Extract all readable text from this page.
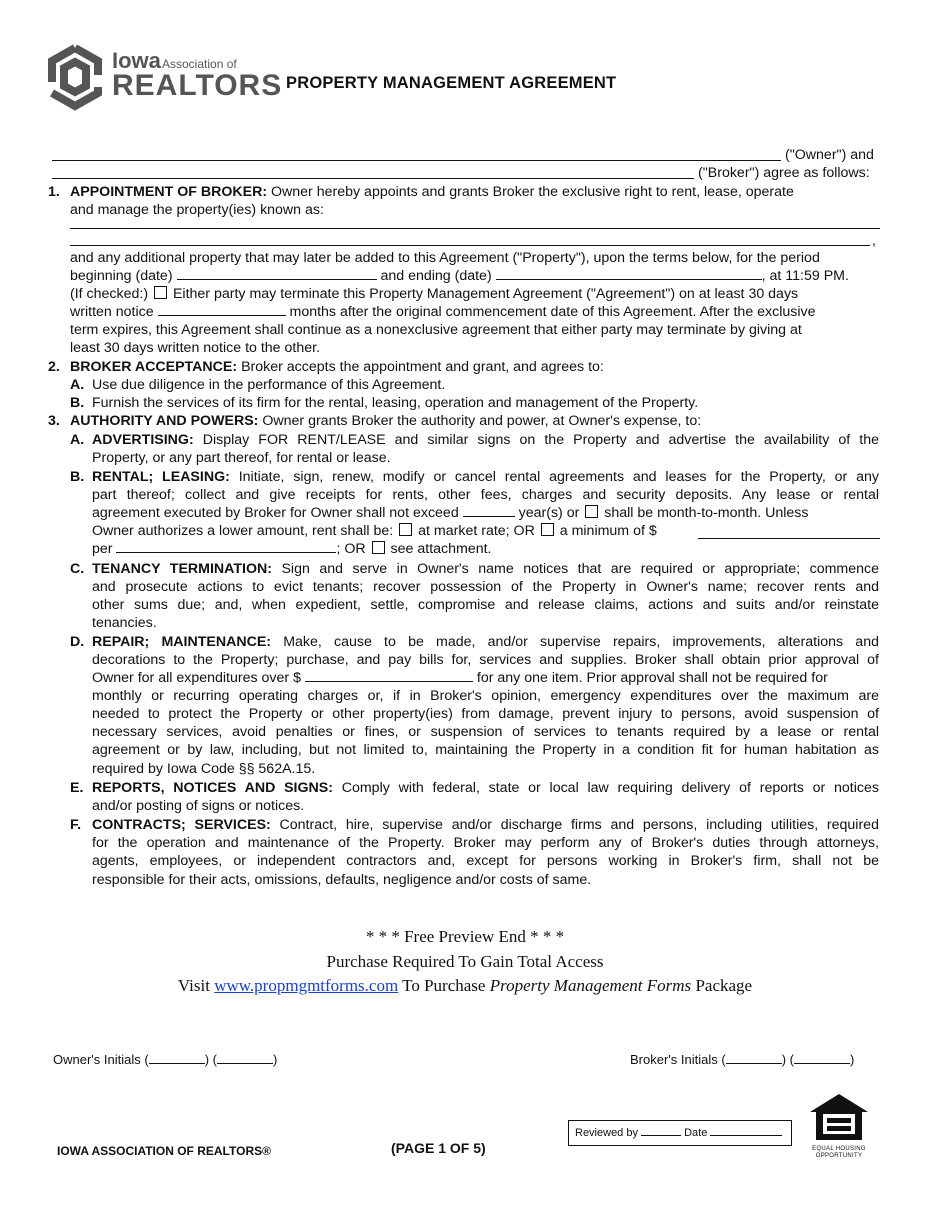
Iowa Association of
REALTORS PROPERTY MANAGEMENT AGREEMENT
("Owner") and
("Broker") agree as follows:
1. APPOINTMENT OF BROKER: Owner hereby appoints and grants Broker the exclusive right to rent, lease, operate
and manage the property(ies) known as:
,
and any additional property that may later be added to this Agreement ("Property"), upon the terms below, for the period
beginning (date)	and ending (date)	, at 11:59 PM.
(If checked:) Either party may terminate this Property Management Agreement ("Agreement") on at least 30 days
written notice	months after the original commencement date of this Agreement. After the exclusive
term expires, this Agreement shall continue as a nonexclusive agreement that either party may terminate by giving at
least 30 days written notice to the other.
2. BROKER ACCEPTANCE: Broker accepts the appointment and grant, and agrees to:
A. Use due diligence in the performance of this Agreement.
B. Furnish the services of its firm for the rental, leasing, operation and management of the Property.
3. AUTHORITY AND POWERS: Owner grants Broker the authority and power, at Owner's expense, to:
A. ADVERTISING: Display FOR RENT/LEASE and similar signs on the Property and advertise the availability of the
Property, or any part thereof, for rental or lease.
B. RENTAL; LEASING: Initiate, sign, renew, modify or cancel rental agreements and leases for the Property, or any
part thereof; collect and give receipts for rents, other fees, charges and security deposits. Any lease or rental
agreement executed by Broker for Owner shall not exceed	year(s) or shall be month-to-month. Unless
Owner authorizes a lower amount, rent shall be: at market rate; OR a minimum of $
per	; OR see attachment.
C. TENANCY TERMINATION: Sign and serve in Owner's name notices that are required or appropriate; commence
and prosecute actions to evict tenants; recover possession of the Property in Owner's name; recover rents and
other sums due; and, when expedient, settle, compromise and release claims, actions and suits and/or reinstate
tenancies.
D. REPAIR; MAINTENANCE: Make, cause to be made, and/or supervise repairs, improvements, alterations and
decorations to the Property; purchase, and pay bills for, services and supplies. Broker shall obtain prior approval of
Owner for all expenditures over $	for any one item. Prior approval shall not be required for
monthly or recurring operating charges or, if in Broker's opinion, emergency expenditures over the maximum are
needed to protect the Property or other property(ies) from damage, prevent injury to persons, avoid suspension of
necessary services, avoid penalties or fines, or suspension of services to tenants required by a lease or rental
agreement or by law, including, but not limited to, maintaining the Property in a condition fit for human habitation as
required by Iowa Code §§ 562A.15.
E. REPORTS, NOTICES AND SIGNS: Comply with federal, state or local law requiring delivery of reports or notices
and/or posting of signs or notices.
F. CONTRACTS; SERVICES: Contract, hire, supervise and/or discharge firms and persons, including utilities, required
for the operation and maintenance of the Property. Broker may perform any of Broker's duties through attorneys,
agents, employees, or independent contractors and, except for persons working in Broker's firm, shall not be
responsible for their acts, omissions, defaults, negligence and/or costs of same.
* * * Free Preview End * * *
Purchase Required To Gain Total Access
Visit www.propmgmtforms.com To Purchase Property Management Forms Package
Owner's Initials (	) (	)	Broker's Initials (	) (	)
Reviewed by	Date
EQUAL HOUSING
OPPORTUNITY
IOWA ASSOCIATION OF REALTORS®	(PAGE 1 OF 5)
